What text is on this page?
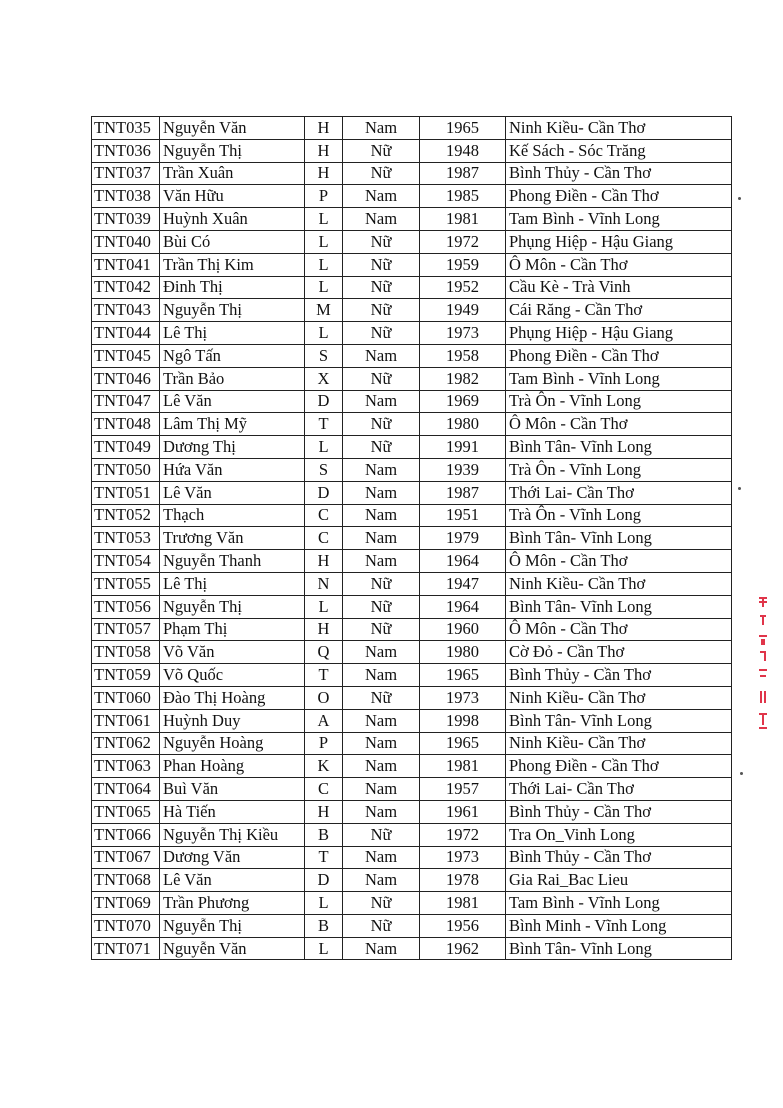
TNT035	Nguyễn Văn	H	Nam	1965	Ninh Kiều- Cần Thơ
TNT036	Nguyễn Thị	H	Nữ	1948	Kế Sách - Sóc Trăng
TNT037	Trần Xuân	H	Nữ	1987	Bình Thủy - Cần Thơ
TNT038	Văn Hữu	P	Nam	1985	Phong Điền - Cần Thơ
TNT039	Huỳnh Xuân	L	Nam	1981	Tam Bình - Vĩnh Long
TNT040	Bùi Có	L	Nữ	1972	Phụng Hiệp - Hậu Giang
TNT041	Trần Thị Kim	L	Nữ	1959	Ô Môn - Cần Thơ
TNT042	Đinh Thị	L	Nữ	1952	Cầu Kè - Trà Vinh
TNT043	Nguyễn Thị	M	Nữ	1949	Cái Răng - Cần Thơ
TNT044	Lê Thị	L	Nữ	1973	Phụng Hiệp - Hậu Giang
TNT045	Ngô Tấn	S	Nam	1958	Phong Điền - Cần Thơ
TNT046	Trần Bảo	X	Nữ	1982	Tam Bình - Vĩnh Long
TNT047	Lê Văn	D	Nam	1969	Trà Ôn - Vĩnh Long
TNT048	Lâm Thị Mỹ	T	Nữ	1980	Ô Môn - Cần Thơ
TNT049	Dương Thị	L	Nữ	1991	Bình Tân- Vĩnh Long
TNT050	Hứa Văn	S	Nam	1939	Trà Ôn - Vĩnh Long
TNT051	Lê Văn	D	Nam	1987	Thới Lai- Cần Thơ
TNT052	Thạch	C	Nam	1951	Trà Ôn - Vĩnh Long
TNT053	Trương Văn	C	Nam	1979	Bình Tân- Vĩnh Long
TNT054	Nguyễn Thanh	H	Nam	1964	Ô Môn - Cần Thơ
TNT055	Lê Thị	N	Nữ	1947	Ninh Kiều- Cần Thơ
TNT056	Nguyễn Thị	L	Nữ	1964	Bình Tân- Vĩnh Long
TNT057	Phạm Thị	H	Nữ	1960	Ô Môn - Cần Thơ
TNT058	Võ Văn	Q	Nam	1980	Cờ Đỏ - Cần Thơ
TNT059	Võ Quốc	T	Nam	1965	Bình Thủy - Cần Thơ
TNT060	Đào Thị Hoàng	O	Nữ	1973	Ninh Kiều- Cần Thơ
TNT061	Huỳnh Duy	A	Nam	1998	Bình Tân- Vĩnh Long
TNT062	Nguyễn Hoàng	P	Nam	1965	Ninh Kiều- Cần Thơ
TNT063	Phan Hoàng	K	Nam	1981	Phong Điền - Cần Thơ
TNT064	Buì Văn	C	Nam	1957	Thới Lai- Cần Thơ
TNT065	Hà Tiến	H	Nam	1961	Bình Thủy - Cần Thơ
TNT066	Nguyễn Thị Kiều	B	Nữ	1972	Tra On_Vinh Long
TNT067	Dương Văn	T	Nam	1973	Bình Thủy - Cần Thơ
TNT068	Lê Văn	D	Nam	1978	Gia Rai_Bac Lieu
TNT069	Trần Phương	L	Nữ	1981	Tam Bình - Vĩnh Long
TNT070	Nguyễn Thị	B	Nữ	1956	Bình Minh - Vĩnh Long
TNT071	Nguyễn Văn	L	Nam	1962	Bình Tân- Vĩnh Long
